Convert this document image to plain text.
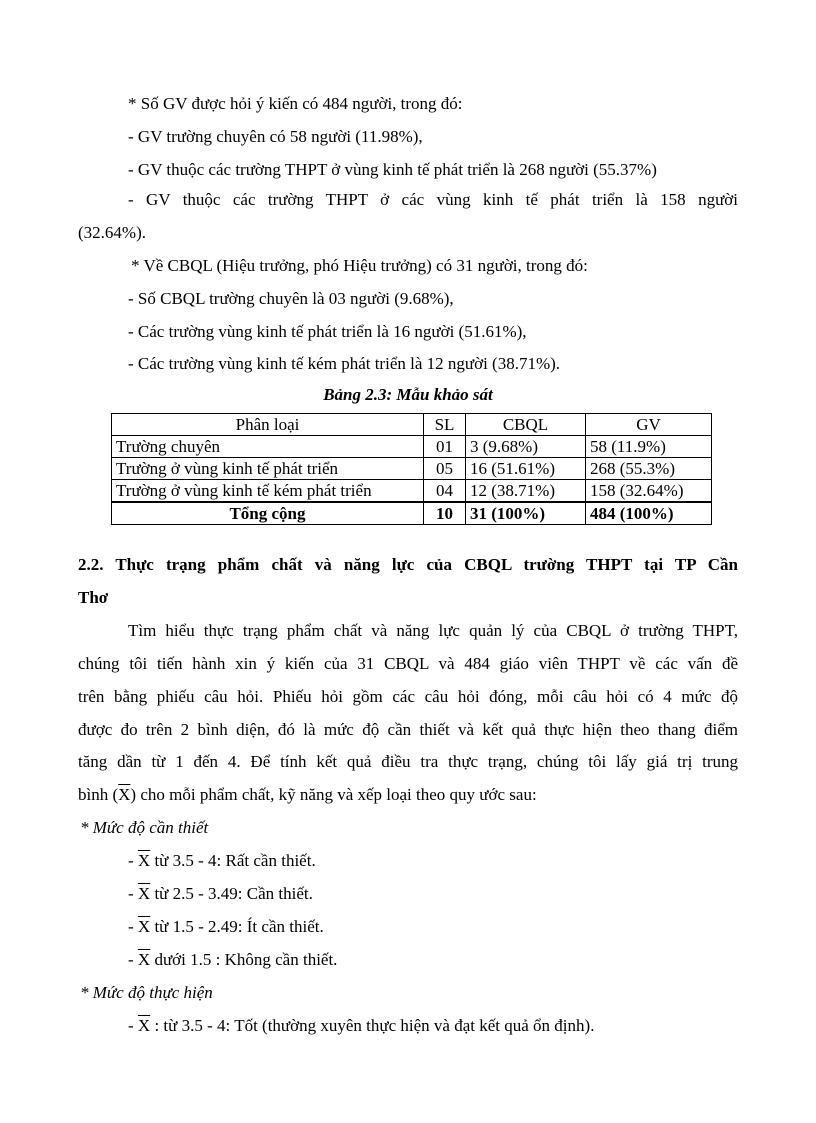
* Số GV được hỏi ý kiến có 484 người, trong đó:
- GV trường chuyên có 58 người (11.98%),
- GV thuộc các trường THPT ở vùng kinh tế phát triển là 268 người (55.37%)
- GV thuộc các trường THPT ở các vùng kinh tế phát triển là 158 người
(32.64%).
* Về CBQL (Hiệu trưởng, phó Hiệu trưởng) có 31 người, trong đó:
- Số CBQL trường chuyên là 03 người (9.68%),
- Các trường vùng kinh tế phát triển là 16 người (51.61%),
- Các trường vùng kinh tế kém phát triển là 12 người (38.71%).
Bảng 2.3: Mẫu khảo sát
Phân loại	SL	CBQL	GV
Trường chuyên	01	3 (9.68%)	58 (11.9%)
Trường ở vùng kinh tế phát triển	05	16 (51.61%)	268 (55.3%)
Trường ở vùng kinh tế kém phát triển	04	12 (38.71%)	158 (32.64%)
Tổng cộng	10	31 (100%)	484 (100%)
2.2. Thực trạng phẩm chất và năng lực của CBQL trường THPT tại TP Cần
Thơ
Tìm hiểu thực trạng phẩm chất và năng lực quản lý của CBQL ở trường THPT,
chúng tôi tiến hành xin ý kiến của 31 CBQL và 484 giáo viên THPT về các vấn đề
trên bằng phiếu câu hỏi. Phiếu hỏi gồm các câu hỏi đóng, mỗi câu hỏi có 4 mức độ
được đo trên 2 bình diện, đó là mức độ cần thiết và kết quả thực hiện theo thang điểm
tăng dần từ 1 đến 4. Để tính kết quả điều tra thực trạng, chúng tôi lấy giá trị trung
bình $(\overline{X})$ cho mỗi phẩm chất, kỹ năng và xếp loại theo quy ước sau:
* Mức độ cần thiết
- $\overline{X}$ từ 3.5 - 4: Rất cần thiết.
- $\overline{X}$ từ 2.5 - 3.49: Cần thiết.
- $\overline{X}$ từ 1.5 - 2.49: Ít cần thiết.
- $\overline{X}$ dưới 1.5 : Không cần thiết.
* Mức độ thực hiện
- $\overline{X}$ : từ 3.5 - 4: Tốt (thường xuyên thực hiện và đạt kết quả ổn định).
